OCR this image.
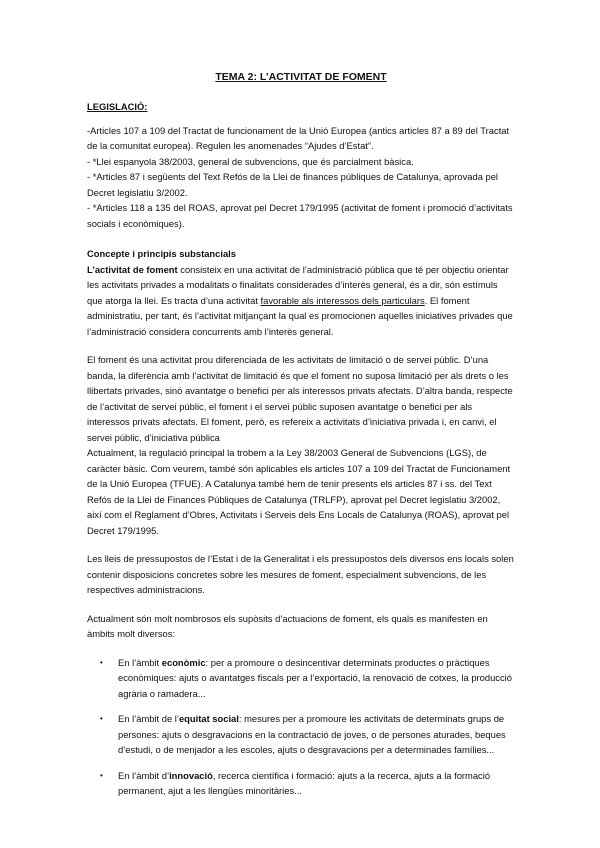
TEMA 2: L’ACTIVITAT DE FOMENT
LEGISLACIÓ:
-Articles 107 a 109 del Tractat de funcionament de la Unió Europea (antics articles 87 a 89 del Tractat de la comunitat europea). Regulen les anomenades “Ajudes d’Estat”.
- *Llei espanyola 38/2003, general de subvencions, que és parcialment bàsica.
- *Articles 87 i següents del Text Refós de la Llei de finances públiques de Catalunya, aprovada pel Decret legislatiu 3/2002.
- *Articles 118 a 135 del ROAS, aprovat pel Decret 179/1995 (activitat de foment i promoció d’activitats socials i econòmiques).
Concepte i principis substancials

L’activitat de foment consisteix en una activitat de l’administració pública que té per objectiu orientar les activitats privades a modalitats o finalitats considerades d’interès general, és a dir, són estímuls que atorga la llei. Es tracta d’una activitat favorable als interessos dels particulars. El foment administratiu, per tant, és l’activitat mitjançant la qual es promocionen aquelles iniciatives privades que l’administració considera concurrents amb l’interès general.

El foment és una activitat prou diferenciada de les activitats de limitació o de servei públic. D’una banda, la diferència amb l’activitat de limitació és que el foment no suposa limitació per als drets o les llibertats privades, sinó avantatge o benefici per als interessos privats afectats. D’altra banda, respecte de l’activitat de servei públic, el foment i el servei públic suposen avantatge o benefici per als interessos privats afectats. El foment, però, es refereix a activitats d’iniciativa privada i, en canvi, el servei públic, d’iniciativa pública
Actualment, la regulació principal la trobem a la Ley 38/2003 General de Subvencions (LGS), de caràcter bàsic. Com veurem, també són aplicables els articles 107 a 109 del Tractat de Funcionament de la Unió Europea (TFUE). A Catalunya també hem de tenir presents els articles 87 i ss. del Text Refós de la Llei de Finances Públiques de Catalunya (TRLFP), aprovat pel Decret legislatiu 3/2002, així com el Reglament d’Obres, Activitats i Serveis dels Ens Locals de Catalunya (ROAS), aprovat pel Decret 179/1995.

Les lleis de pressupostos de l’Estat i de la Generalitat i els pressupostos dels diversos ens locals solen contenir disposicions concretes sobre les mesures de foment, especialment subvencions, de les respectives administracions.

Actualment són molt nombrosos els supòsits d’actuacions de foment, els quals es manifesten en àmbits molt diversos:

• En l’àmbit econòmic: per a promoure o desincentivar determinats productes o pràctiques econòmiques: ajuts o avantatges fiscals per a l’exportació, la renovació de cotxes, la producció agrària o ramadera...
• En l’àmbit de l’equitat social: mesures per a promoure les activitats de determinats grups de persones: ajuts o desgravacions en la contractació de joves, o de persones aturades, beques d’estudi, o de menjador a les escoles, ajuts o desgravacions per a determinades famílies...
• En l’àmbit d’innovació, recerca científica i formació: ajuts a la recerca, ajuts a la formació permanent, ajut a les llengües minoritàries...
